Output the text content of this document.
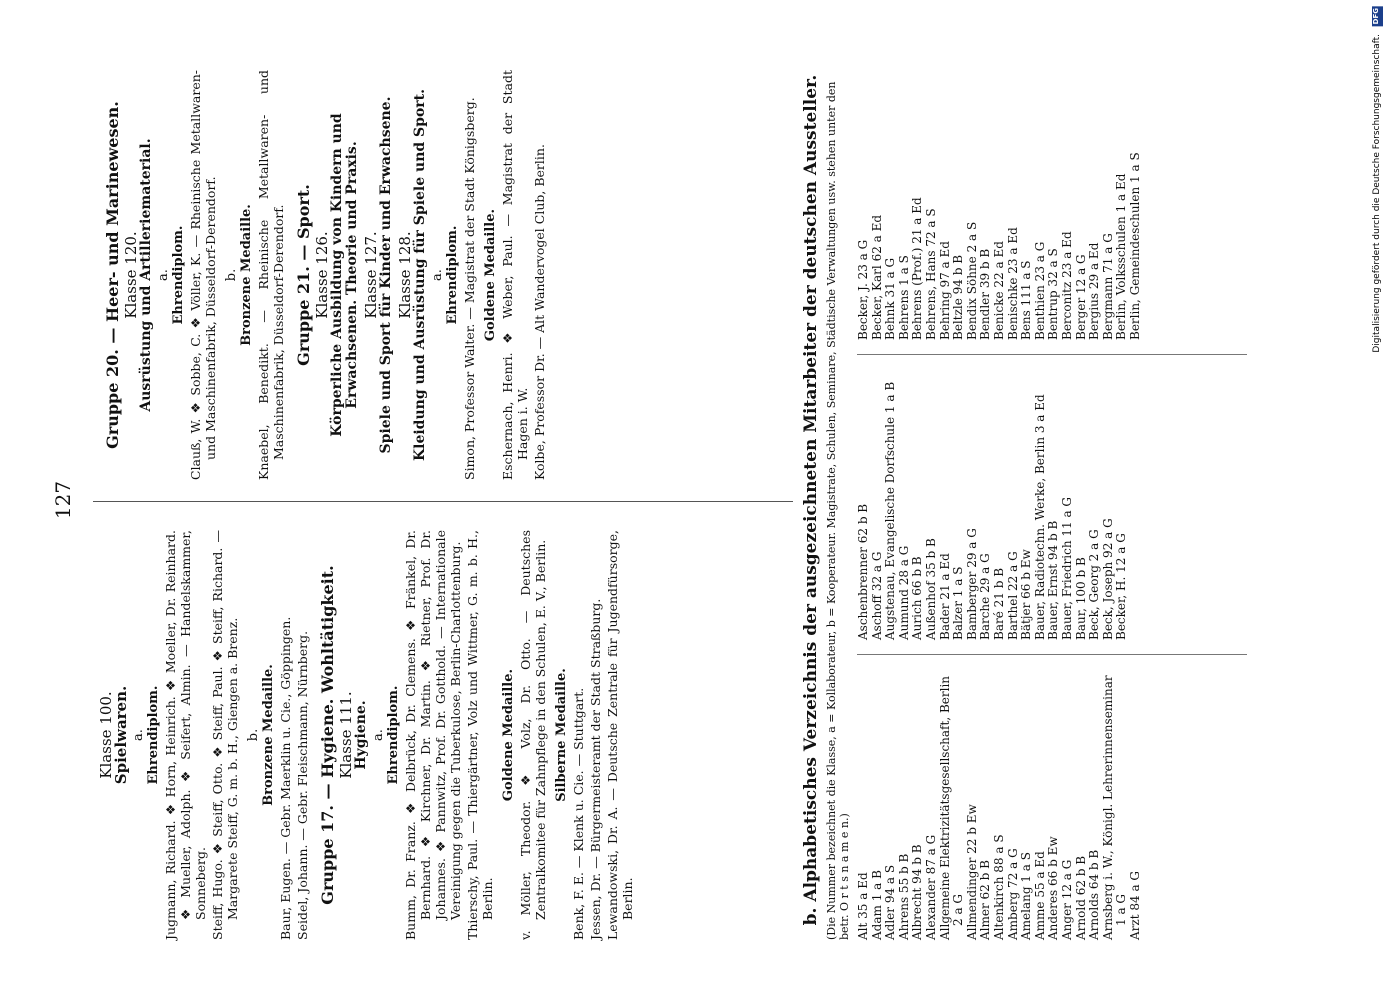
127
Klasse 100.
Spielwaren. a. Ehrendiplom. Jugmann, Richard. ❖ Horn, Heinrich. ❖ Moeller, Dr. Reinhard. ❖ Mueller, Adolph. ❖ Seifert, Almin. — Handelskammer, Sonneberg. Steiff, Hugo. ❖ Steiff, Otto. ❖ Steiff, Paul. ❖ Steiff, Richard. — Margarete Steiff, G. m. b. H., Giengen a. Brenz. b. Bronzene Medaille. Baur, Eugen. — Gebr. Maerklin u. Cie., Göppingen. Seidel, Johann. — Gebr. Fleischmann, Nürnberg. Gruppe 17. — Hygiene. Wohltätigkeit. Klasse 111.
Hygiene. a. Ehrendiplom. Bumm, Dr. Franz. ❖ Delbrück, Dr. Clemens. ❖ Fränkel, Dr. Bernhard. ❖ Kirchner, Dr. Martin. ❖ Rietner, Prof. Dr. Johannes. ❖ Pannwitz, Prof. Dr. Gotthold. — Internationale Vereinigung gegen die Tuberkulose, Berlin-Charlottenburg. Thierschy, Paul. — Thiergärtner, Volz und Wittmer, G. m. b. H., Berlin.

Goldene Medaille. v. Möller, Theodor. ❖ Volz, Dr. Otto. — Deutsches Zentralkomitee für Zahnpflege in den Schulen, E. V., Berlin. Silberne Medaille. Benk, F. E. — Klenk u. Cie. — Stuttgart. Jessen, Dr. — Bürgermeisteramt der Stadt Straßburg. Lewandowski, Dr. A. — Deutsche Zentrale für Jugendfürsorge, Berlin.

Gruppe 20. — Heer- und Marinewesen. Klasse 120.
Ausrüstung und Artilleriematerial. a. Ehrendiplom. Clauß, W. ❖ Sobbe, C. ❖ Völler, K. — Rheinische Metallwaren- und Maschinenfabrik, Düsseldorf-Derendorf. b. Bronzene Medaille. Knaebel, Benedikt. — Rheinische Metallwaren- und Maschinenfabrik, Düsseldorf-Derendorf. Gruppe 21. — Sport. Klasse 126.
Körperliche Ausbildung von Kindern und Erwachsenen. Theorie und Praxis. Klasse 127.
Spiele und Sport für Kinder und Erwachsene. Klasse 128.
Kleidung und Ausrüstung für Spiele und Sport. a. Ehrendiplom. Simon, Professor Walter. — Magistrat der Stadt Königsberg. Goldene Medaille. Eschernach, Henri. ❖ Weber, Paul. — Magistrat der Stadt Hagen i. W. Kolbe, Professor Dr. — Alt Wandervogel Club, Berlin.	b. Alphabetisches Verzeichnis der ausgezeichneten Mitarbeiter der deutschen Aussteller. (Die Nummer bezeichnet die Klasse, a = Kollaborateur, b = Kooperateur. Magistrate, Schulen, Seminare, Städtische Verwaltungen usw. stehen unter den betr. O r t s n a m e n.) Alt 35 a Ed Adam 1 a B Adler 94 a S Ahrens 55 b B Albrecht 94 b B Alexander 87 a G Allgemeine Elektrizitätsgesellschaft, Berlin 2 a G Allmendinger 22 b Ew Almer 62 b B Altenkirch 88 a S Amberg 72 a G Amelang 1 a S Amme 55 a Ed Anderes 66 b Ew Anger 12 a G Arnold 62 b B Arnolds 64 b B Arnsberg i. W., Königl. Lehrerinnenseminar 1 a G Arzt 84 a G
Aschenbrenner 62 b B Aschoff 32 a G Augstenau, Evangelische Dorfschule 1 a B Aumund 28 a G Aurich 66 b B Außenhof 35 b B Bader 21 a Ed Balzer 1 a S Bamberger 29 a G Barche 29 a G Baré 21 b B Barthel 22 a G Bätjer 66 b Ew Bauer, Radiotechn. Werke, Berlin 3 a Ed Bauer, Ernst 94 b B Bauer, Friedrich 11 a G Baur, 100 b B Beck, Georg 2 a G Beck, Joseph 92 a G Becker, H. 12 a G
Becker, J. 23 a G Becker, Karl 62 a Ed Behnk 31 a G Behrens 1 a S Behrens (Prof.) 21 a Ed Behrens, Hans 72 a S Behring 97 a Ed Beltzle 94 b B Bendix Söhne 2 a S Bendler 39 b B Benicke 22 a Ed Benischke 23 a Ed Bens 111 a S Benthien 23 a G Bentrup 32 a S Berconitz 23 a Ed Berger 12 a G Bergius 29 a Ed Bergmann 71 a G Berlin, Volksschulen 1 a Ed Berlin, Gemeindeschulen 1 a S
DFG
Digitalisierung gefördert durch die Deutsche Forschungsgemeinschaft.
